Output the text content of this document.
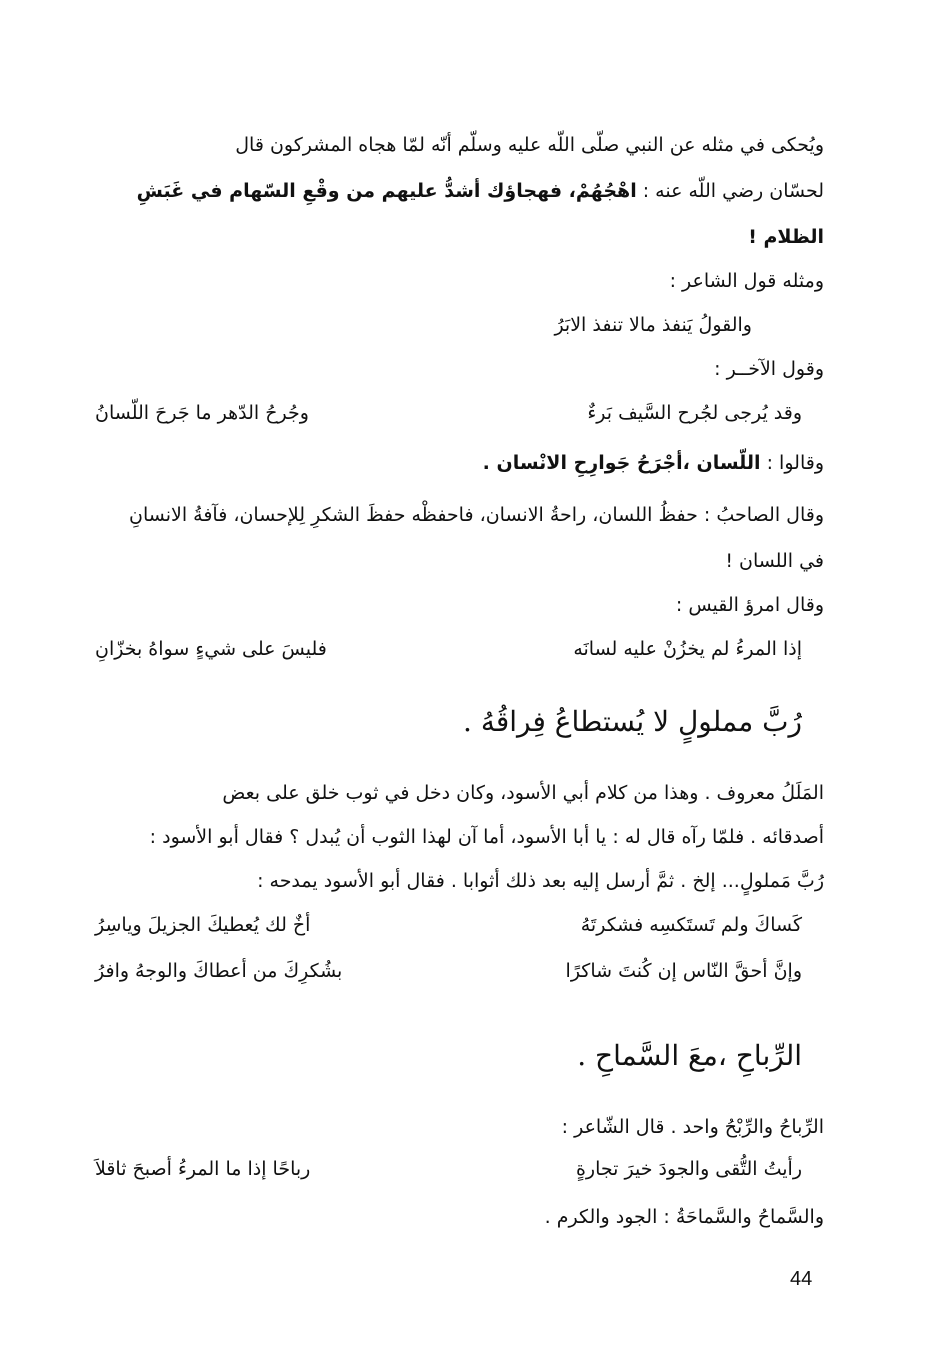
ويُحكى في مثله عن النبي صلّى اللّه عليه وسلّم أنّه لمّا هجاه المشركون قال
لحسّان رضي اللّه عنه : اهْجُهُمْ، فهجاؤك أشدُّ عليهم من وقْعِ السّهام في غَبَشِ
الظلام !
ومثله قول الشاعر :
والقولُ يَنفذ مالا تنفذ الابَرُ
وقول الآخــر :
وقد يُرجى لجُرح السَّيف بَرءٌ
وجُرحُ الدّهر ما جَرحَ اللّسانُ
وقالوا : اللّسان ،أجْرَحُ جَوارِحِ الانْسان .
وقال الصاحبُ : حفظُ اللسان، راحةُ الانسان، فاحفظْه حفظَ الشكرِ لِلإحسان، فآفةُ الانسانِ
في اللسان !
وقال امرؤ القيس :
إذا المرءُ لم يخزُنْ عليه لسانَه
فليسَ على شيءٍ سواهُ بخزّانِ
رُبَّ مملولٍ لا يُستطاعُ فِراقُهُ .
المَلَلُ معروف . وهذا من كلام أبي الأسود، وكان دخل في ثوب خلق على بعض
أصدقائه . فلمّا رآه قال له : يا أبا الأسود، أما آن لهذا الثوب أن يُبدل ؟ فقال أبو الأسود :
رُبَّ مَملولٍ... إلخ . ثمَّ أرسل إليه بعد ذلك أثوابا . فقال أبو الأسود يمدحه :
كَساكَ ولم تَستَكسِه فشكرتَهُ
أخٌ لك يُعطيكَ الجزيلَ وياسِرُ
وإنَّ أحقَّ النّاس إن كُنتَ شاكرًا
بشُكرِكَ من أعطاكَ والوجهُ وافرُ
الرِّباحِ ،معَ السَّماحِ .
الرِّباحُ والرِّبْحُ واحد . قال الشّاعر :
رأيتُ التُّقى والجودَ خيرَ تجارةٍ
رباحًا إذا ما المرءُ أصبحَ ثاقلاَ
والسَّماحُ والسَّماحَةُ : الجود والكرم .
44
